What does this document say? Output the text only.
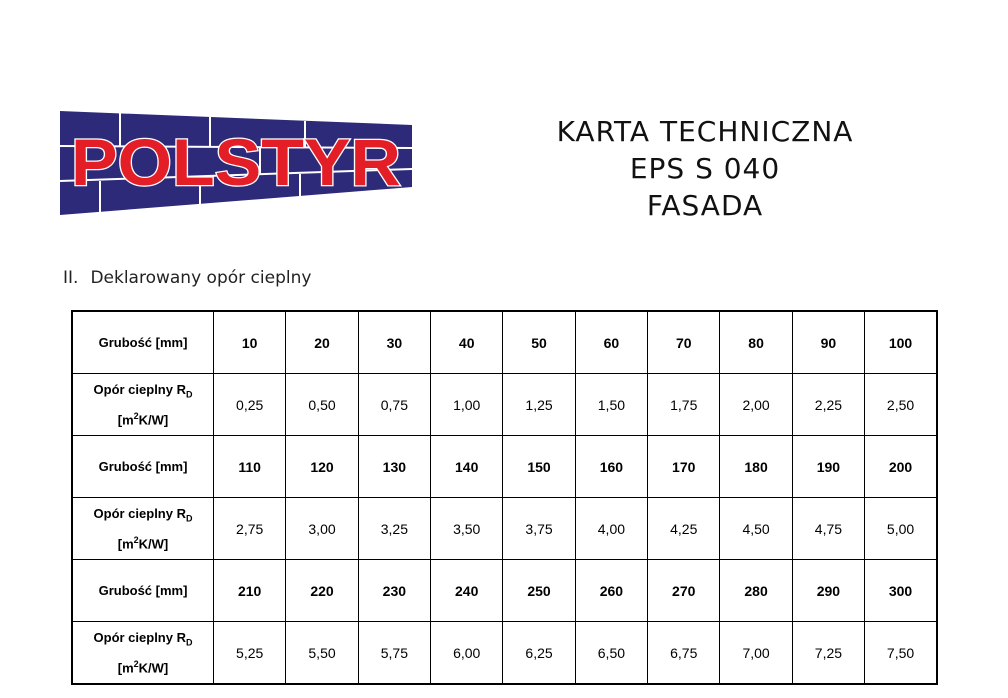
POLSTYR	KARTA TECHNICZNA
EPS S 040
FASADA
II. Deklarowany opór cieplny
Grubość [mm]	10	20	30	40	50	60	70	80	90	100
Opór cieplny $R_D$
$[m^2K/W]$	0,25	0,50	0,75	1,00	1,25	1,50	1,75	2,00	2,25	2,50
Grubość [mm]	110	120	130	140	150	160	170	180	190	200
Opór cieplny $R_D$
$[m^2K/W]$	2,75	3,00	3,25	3,50	3,75	4,00	4,25	4,50	4,75	5,00
Grubość [mm]	210	220	230	240	250	260	270	280	290	300
Opór cieplny $R_D$
$[m^2K/W]$	5,25	5,50	5,75	6,00	6,25	6,50	6,75	7,00	7,25	7,50
